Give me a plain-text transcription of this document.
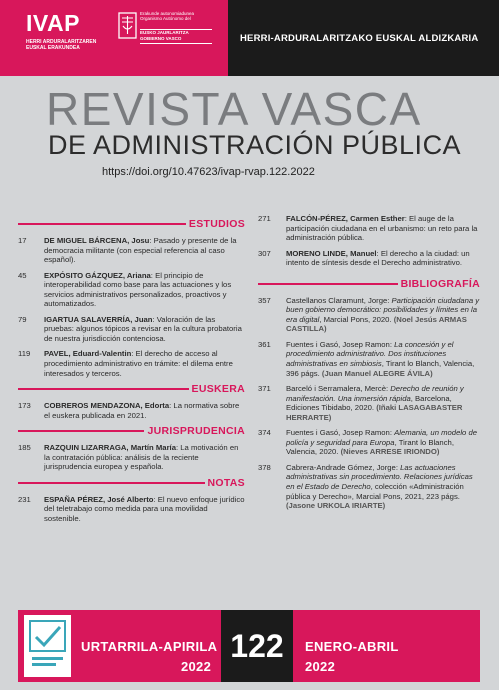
IVAP
HERRI ARDURALARITZAREN
EUSKAL ERAKUNDEA
Erakunde autonomiadunea
Organismo Autónomo del
EUSKO JAURLARITZA
GOBIERNO VASCO	HERRI-ARDURALARITZAKO EUSKAL ALDIZKARIA
REVISTA VASCA
DE ADMINISTRACIÓN PÚBLICA
https://doi.org/10.47623/ivap-rvap.122.2022
ESTUDIOS
17	DE MIGUEL BÁRCENA, Josu: Pasado y presente de la democracia militante (con especial referencia al caso español).
45	EXPÓSITO GÁZQUEZ, Ariana: El principio de interoperabilidad como base para las actuaciones y los servicios administrativos personalizados, proactivos y automatizados.
79	IGARTUA SALAVERRÍA, Juan: Valoración de las pruebas: algunos tópicos a revisar en la cultura probatoria de nuestra jurisdicción contenciosa.
119	PAVEL, Eduard-Valentin: El derecho de acceso al procedimiento administrativo en trámite: el dilema entre interesados y terceros.
EUSKERA
173	COBREROS MENDAZONA, Edorta: La normativa sobre el euskera publicada en 2021.
JURISPRUDENCIA
185	RAZQUIN LIZARRAGA, Martín María: La motivación en la contratación pública: análisis de la reciente jurisprudencia europea y española.
NOTAS
231	ESPAÑA PÉREZ, José Alberto: El nuevo enfoque jurídico del teletrabajo como medida para una movilidad sostenible.
271	FALCÓN-PÉREZ, Carmen Esther: El auge de la participación ciudadana en el urbanismo: un reto para la administración pública.
307	MORENO LINDE, Manuel: El derecho a la ciudad: un intento de síntesis desde el Derecho administrativo.
BIBLIOGRAFÍA
357	Castellanos Claramunt, Jorge: Participación ciudadana y buen gobierno democrático: posibilidades y límites en la era digital, Marcial Pons, 2020. (Noel Jesús ARMAS CASTILLA)
361	Fuentes i Gasó, Josep Ramon: La concesión y el procedimiento administrativo. Dos instituciones administrativas en simbiosis, Tirant lo Blanch, Valencia, 396 págs. (Juan Manuel ALEGRE ÁVILA)
371	Barceló i Serramalera, Mercè: Derecho de reunión y manifestación. Una inmersión rápida, Barcelona, Ediciones Tibidabo, 2020. (Iñaki LASAGABASTER HERRARTE)
374	Fuentes i Gasó, Josep Ramon: Alemania, un modelo de policía y seguridad para Europa, Tirant lo Blanch, Valencia, 2020. (Nieves ARRESE IRIONDO)
378	Cabrera-Andrade Gómez, Jorge: Las actuaciones administrativas sin procedimiento. Relaciones jurídicas en el Estado de Derecho, colección «Administración pública y Derecho», Marcial Pons, 2021, 223 págs. (Jasone URKOLA IRIARTE)
URTARRILA-APIRILA
2022
122	ENERO-ABRIL
2022
